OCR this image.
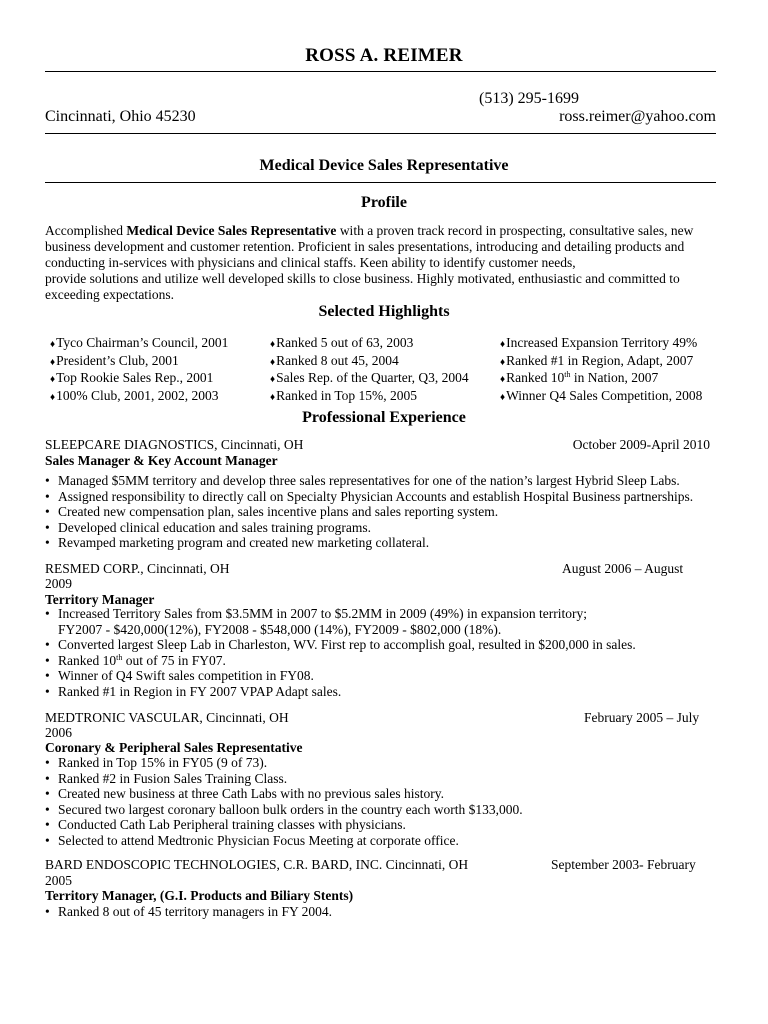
ROSS A. REIMER
(513) 295-1699
Cincinnati, Ohio 45230	ross.reimer@yahoo.com
Medical Device Sales Representative
Profile
Accomplished Medical Device Sales Representative with a proven track record in prospecting, consultative sales, new
business development and customer retention. Proficient in sales presentations, introducing and detailing products and
conducting in-services with physicians and clinical staffs. Keen ability to identify customer needs,
provide solutions and utilize well developed skills to close business. Highly motivated, enthusiastic and committed to
exceeding expectations.
Selected Highlights
♦Tyco Chairman’s Council, 2001
♦President’s Club, 2001
♦Top Rookie Sales Rep., 2001
♦100% Club, 2001, 2002, 2003
♦Ranked 5 out of 63, 2003
♦Ranked 8 out 45, 2004
♦Sales Rep. of the Quarter, Q3, 2004
♦Ranked in Top 15%, 2005
♦Increased Expansion Territory 49%
♦Ranked #1 in Region, Adapt, 2007
♦Ranked 10th in Nation, 2007
♦Winner Q4 Sales Competition, 2008
Professional Experience
SLEEPCARE DIAGNOSTICS, Cincinnati, OH	October 2009-April 2010
Sales Manager & Key Account Manager
• Managed $5MM territory and develop three sales representatives for one of the nation’s largest Hybrid Sleep Labs.
• Assigned responsibility to directly call on Specialty Physician Accounts and establish Hospital Business partnerships.
• Created new compensation plan, sales incentive plans and sales reporting system.
• Developed clinical education and sales training programs.
• Revamped marketing program and created new marketing collateral.
RESMED CORP., Cincinnati, OH	August 2006 – August
2009
Territory Manager
• Increased Territory Sales from $3.5MM in 2007 to $5.2MM in 2009 (49%) in expansion territory;
FY2007 - $420,000(12%), FY2008 - $548,000 (14%), FY2009 - $802,000 (18%).
• Converted largest Sleep Lab in Charleston, WV. First rep to accomplish goal, resulted in $200,000 in sales.
• Ranked 10th out of 75 in FY07.
• Winner of Q4 Swift sales competition in FY08.
• Ranked #1 in Region in FY 2007 VPAP Adapt sales.
MEDTRONIC VASCULAR, Cincinnati, OH	February 2005 – July
2006
Coronary & Peripheral Sales Representative
• Ranked in Top 15% in FY05 (9 of 73).
• Ranked #2 in Fusion Sales Training Class.
• Created new business at three Cath Labs with no previous sales history.
• Secured two largest coronary balloon bulk orders in the country each worth $133,000.
• Conducted Cath Lab Peripheral training classes with physicians.
• Selected to attend Medtronic Physician Focus Meeting at corporate office.
BARD ENDOSCOPIC TECHNOLOGIES, C.R. BARD, INC. Cincinnati, OH	September 2003- February
2005
Territory Manager, (G.I. Products and Biliary Stents)
• Ranked 8 out of 45 territory managers in FY 2004.
